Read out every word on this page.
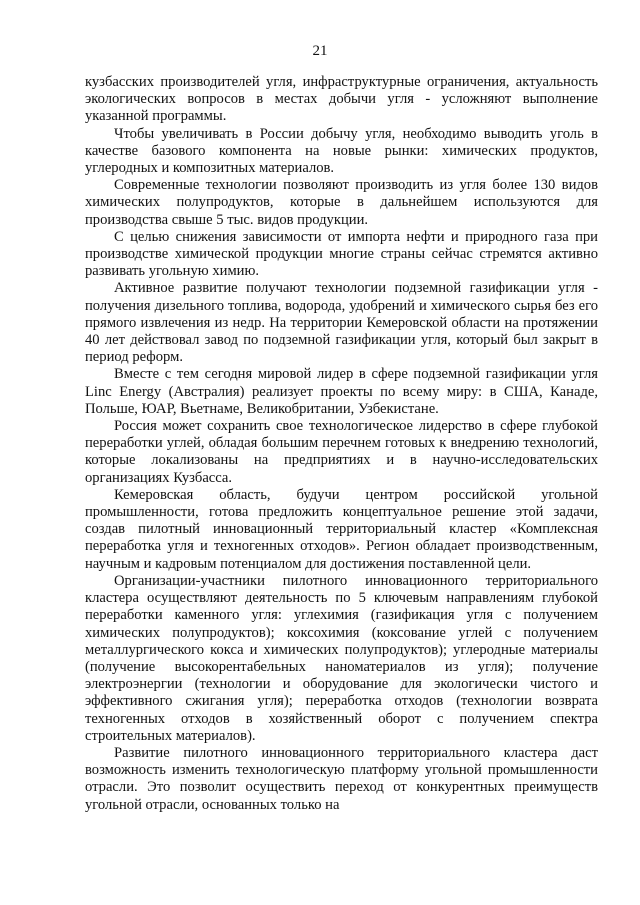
21

кузбасских производителей угля, инфраструктурные ограничения, актуальность экологических вопросов в местах добычи угля - усложняют выполнение указанной программы.

Чтобы увеличивать в России добычу угля, необходимо выводить уголь в качестве базового компонента на новые рынки: химических продуктов, углеродных и композитных материалов.

Современные технологии позволяют производить из угля более 130 видов химических полупродуктов, которые в дальнейшем используются для производства свыше 5 тыс. видов продукции.

С целью снижения зависимости от импорта нефти и природного газа при производстве химической продукции многие страны сейчас стремятся активно развивать угольную химию.

Активное развитие получают технологии подземной газификации угля - получения дизельного топлива, водорода, удобрений и химического сырья без его прямого извлечения из недр. На территории Кемеровской области на протяжении 40 лет действовал завод по подземной газификации угля, который был закрыт в период реформ.

Вместе с тем сегодня мировой лидер в сфере подземной газификации угля Linc Energy (Австралия) реализует проекты по всему миру: в США, Канаде, Польше, ЮАР, Вьетнаме, Великобритании, Узбекистане.

Россия может сохранить свое технологическое лидерство в сфере глубокой переработки углей, обладая большим перечнем готовых к внедрению технологий, которые локализованы на предприятиях и в научно-исследовательских организациях Кузбасса.

Кемеровская область, будучи центром российской угольной промышленности, готова предложить концептуальное решение этой задачи, создав пилотный инновационный территориальный кластер «Комплексная переработка угля и техногенных отходов». Регион обладает производственным, научным и кадровым потенциалом для достижения поставленной цели.

Организации-участники пилотного инновационного территориального кластера осуществляют деятельность по 5 ключевым направлениям глубокой переработки каменного угля: углехимия (газификация угля с получением химических полупродуктов); коксохимия (коксование углей с получением металлургического кокса и химических полупродуктов); углеродные материалы (получение высокорентабельных наноматериалов из угля); получение электроэнергии (технологии и оборудование для экологически чистого и эффективного сжигания угля); переработка отходов (технологии возврата техногенных отходов в хозяйственный оборот с получением спектра строительных материалов).

Развитие пилотного инновационного территориального кластера даст возможность изменить технологическую платформу угольной промышленности отрасли. Это позволит осуществить переход от конкурентных преимуществ угольной отрасли, основанных только на
